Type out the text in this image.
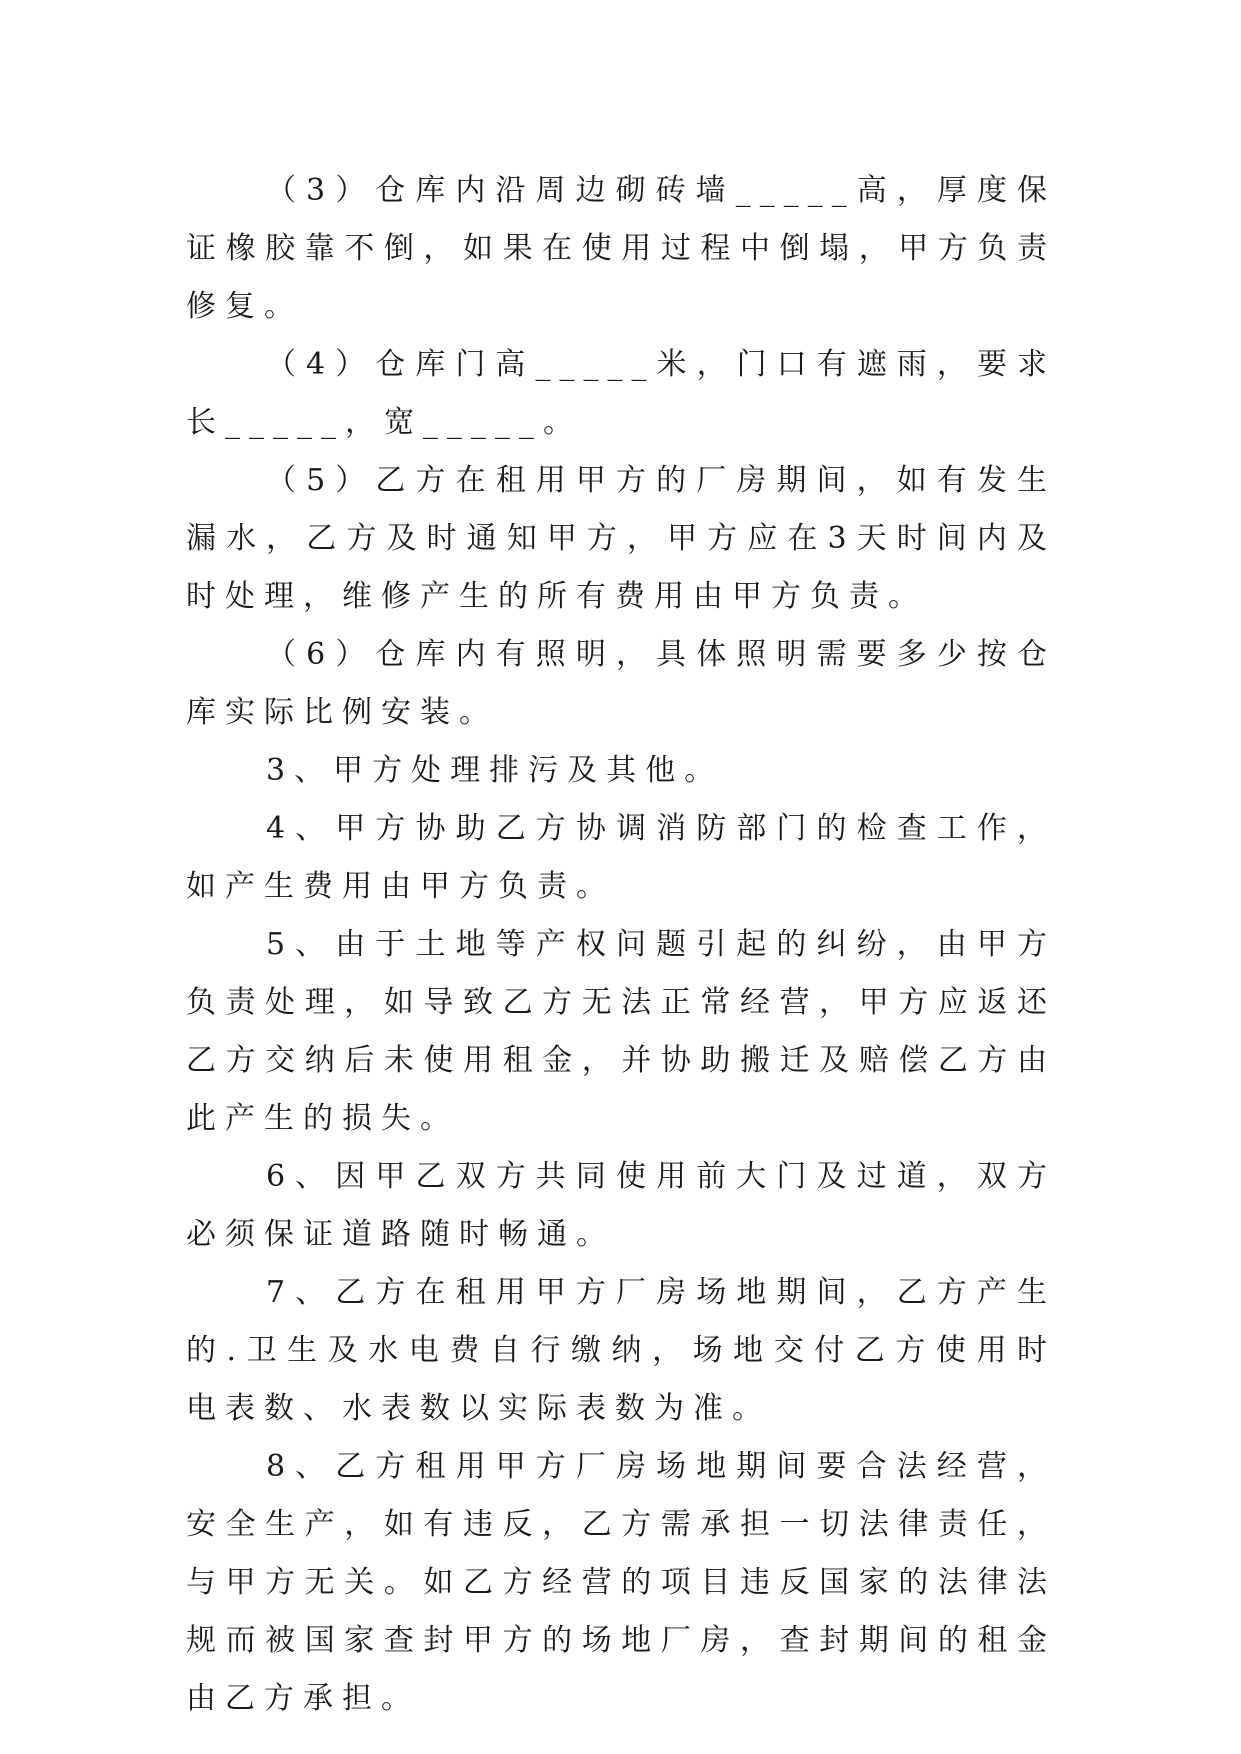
（3）仓库内沿周边砌砖墙_____高，厚度保证橡胶靠不倒，如果在使用过程中倒塌，甲方负责修复。

（4）仓库门高_____米，门口有遮雨，要求长_____，宽_____。

（5）乙方在租用甲方的厂房期间，如有发生漏水，乙方及时通知甲方，甲方应在3天时间内及时处理，维修产生的所有费用由甲方负责。

（6）仓库内有照明，具体照明需要多少按仓库实际比例安装。

3、甲方处理排污及其他。

4、甲方协助乙方协调消防部门的检查工作，如产生费用由甲方负责。

5、由于土地等产权问题引起的纠纷，由甲方负责处理，如导致乙方无法正常经营，甲方应返还乙方交纳后未使用租金，并协助搬迁及赔偿乙方由此产生的损失。

6、因甲乙双方共同使用前大门及过道，双方必须保证道路随时畅通。

7、乙方在租用甲方厂房场地期间，乙方产生的.卫生及水电费自行缴纳，场地交付乙方使用时电表数、水表数以实际表数为准。

8、乙方租用甲方厂房场地期间要合法经营，安全生产，如有违反，乙方需承担一切法律责任，与甲方无关。如乙方经营的项目违反国家的法律法规而被国家查封甲方的场地厂房，查封期间的租金由乙方承担。
